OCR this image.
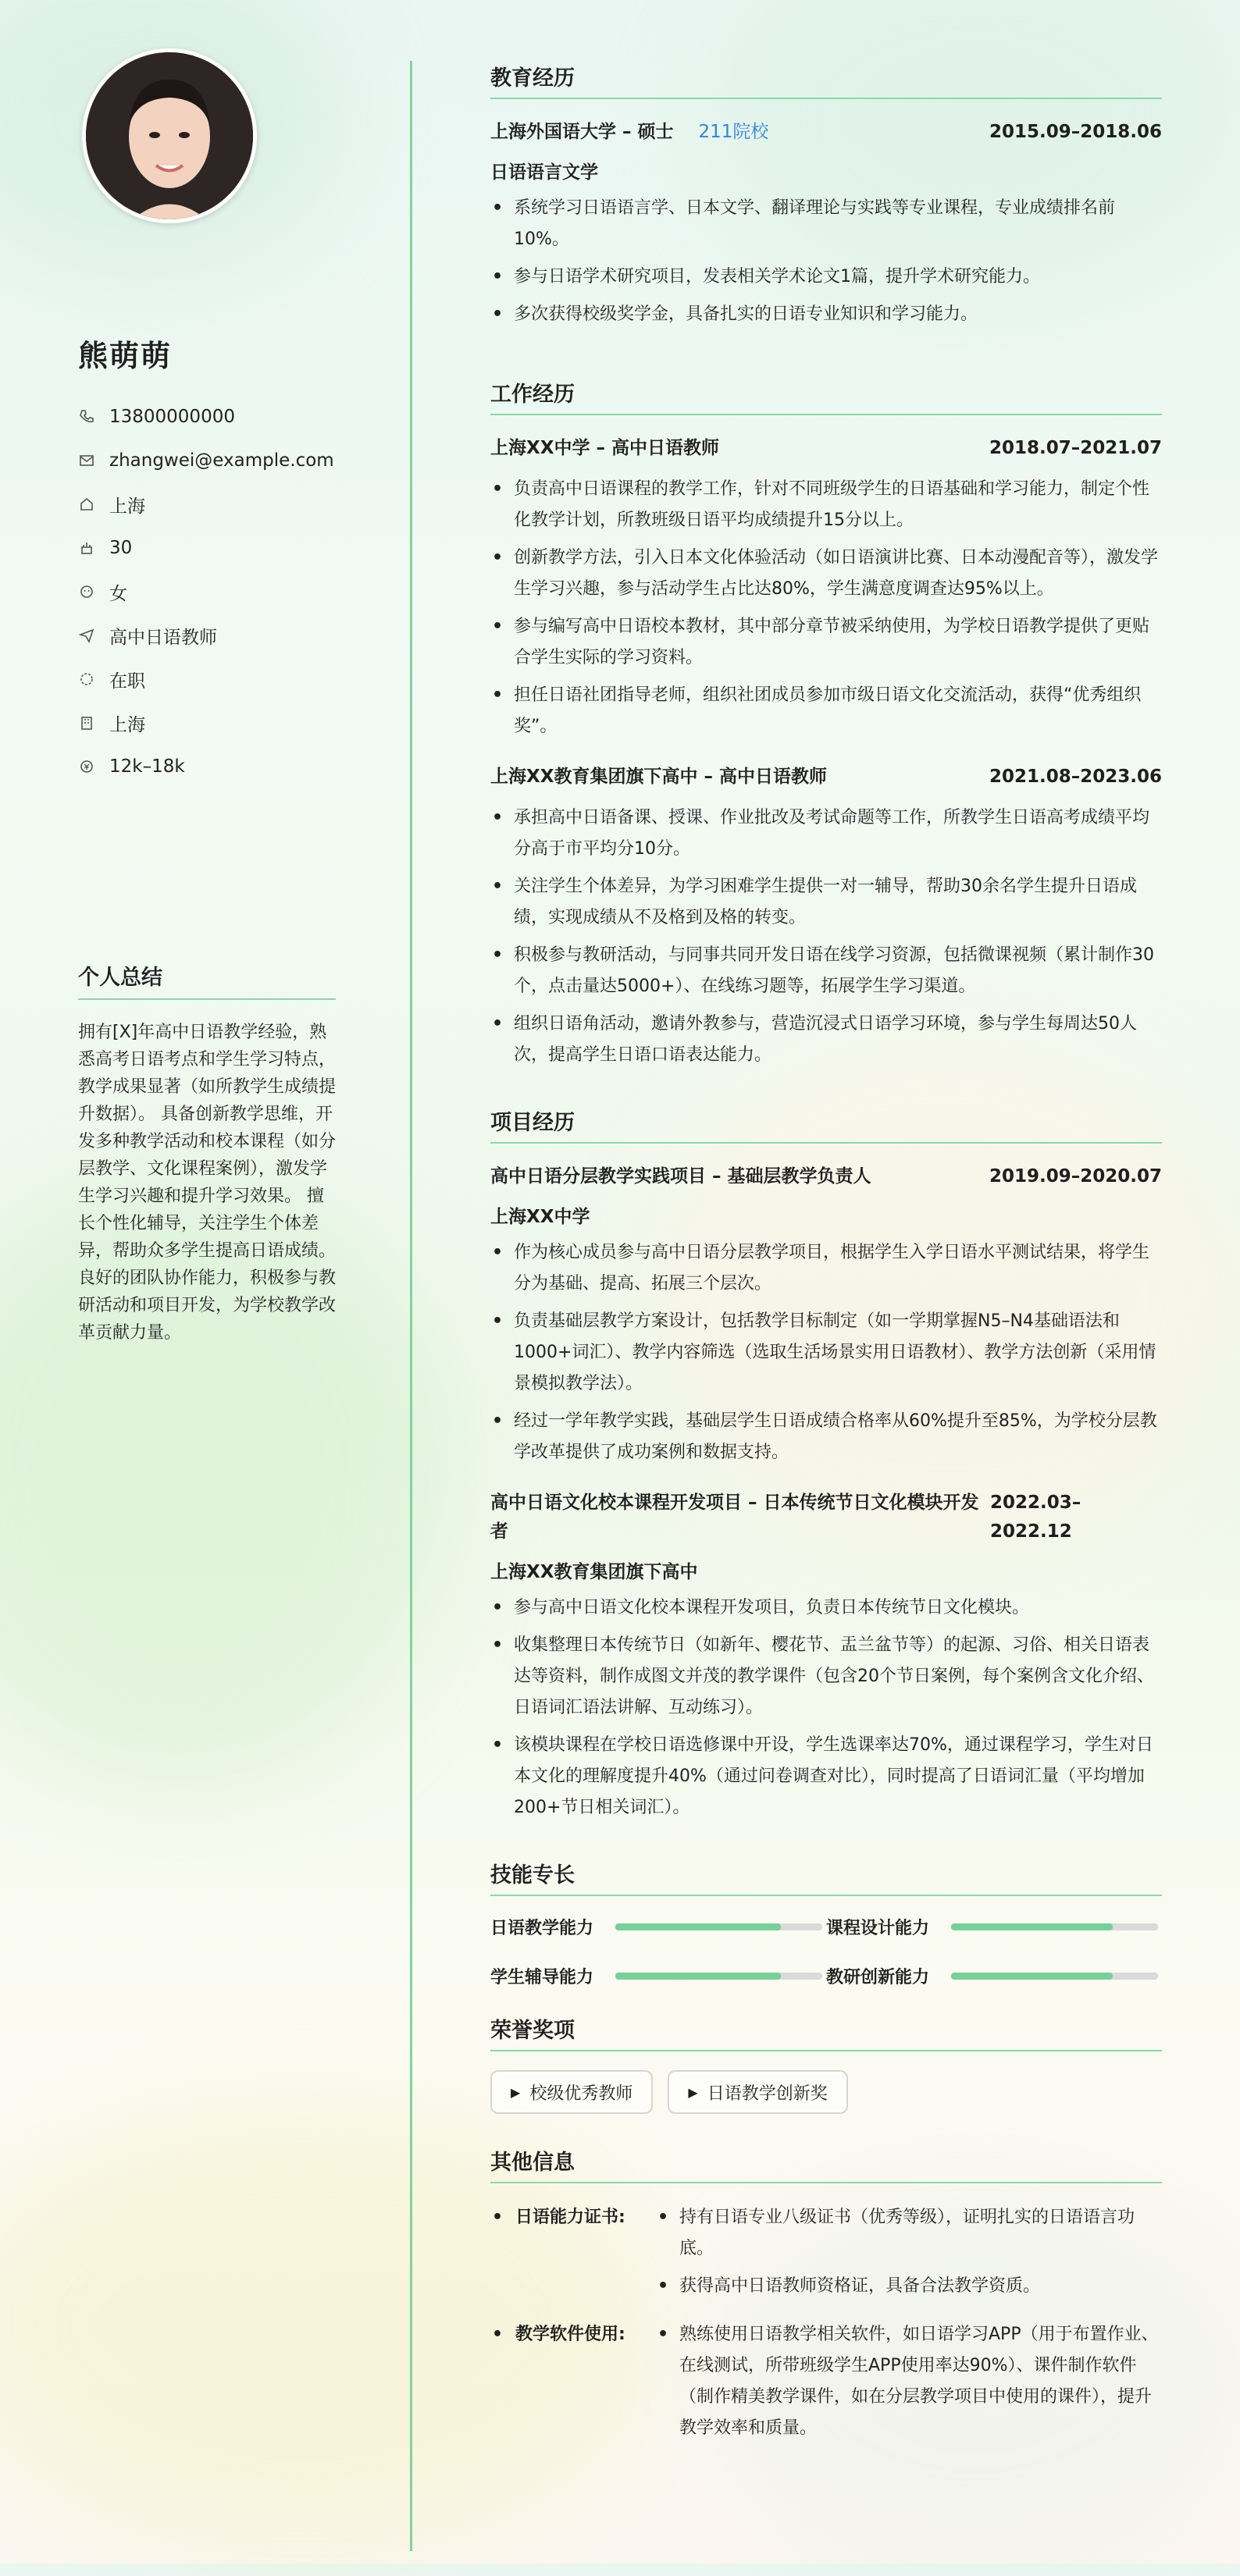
熊萌萌
13800000000
zhangwei@example.com
上海
30
女
高中日语教师
在职
上海
12k–18k
个人总结

拥有[X]年高中日语教学经验，熟悉高考日语考点和学生学习特点，教学成果显著（如所教学生成绩提升数据）。 具备创新教学思维，开发多种教学活动和校本课程（如分层教学、文化课程案例），激发学生学习兴趣和提升学习效果。 擅长个性化辅导，关注学生个体差异，帮助众多学生提高日语成绩。 良好的团队协作能力，积极参与教研活动和项目开发，为学校教学改革贡献力量。

教育经历
上海外国语大学 – 硕士 211院校	2015.09–2018.06
日语语言文学
• 系统学习日语语言学、日本文学、翻译理论与实践等专业课程，专业成绩排名前10%。
• 参与日语学术研究项目，发表相关学术论文1篇，提升学术研究能力。
• 多次获得校级奖学金，具备扎实的日语专业知识和学习能力。
工作经历
上海XX中学 – 高中日语教师	2018.07–2021.07
• 负责高中日语课程的教学工作，针对不同班级学生的日语基础和学习能力，制定个性化教学计划，所教班级日语平均成绩提升15分以上。
• 创新教学方法，引入日本文化体验活动（如日语演讲比赛、日本动漫配音等），激发学生学习兴趣，参与活动学生占比达80%，学生满意度调查达95%以上。
• 参与编写高中日语校本教材，其中部分章节被采纳使用，为学校日语教学提供了更贴合学生实际的学习资料。
• 担任日语社团指导老师，组织社团成员参加市级日语文化交流活动，获得“优秀组织奖”。
上海XX教育集团旗下高中 – 高中日语教师	2021.08–2023.06
• 承担高中日语备课、授课、作业批改及考试命题等工作，所教学生日语高考成绩平均分高于市平均分10分。
• 关注学生个体差异，为学习困难学生提供一对一辅导，帮助30余名学生提升日语成绩，实现成绩从不及格到及格的转变。
• 积极参与教研活动，与同事共同开发日语在线学习资源，包括微课视频（累计制作30个，点击量达5000+）、在线练习题等，拓展学生学习渠道。
• 组织日语角活动，邀请外教参与，营造沉浸式日语学习环境，参与学生每周达50人次，提高学生日语口语表达能力。
项目经历
高中日语分层教学实践项目 – 基础层教学负责人	2019.09–2020.07
上海XX中学
• 作为核心成员参与高中日语分层教学项目，根据学生入学日语水平测试结果，将学生分为基础、提高、拓展三个层次。
• 负责基础层教学方案设计，包括教学目标制定（如一学期掌握N5–N4基础语法和1000+词汇）、教学内容筛选（选取生活场景实用日语教材）、教学方法创新（采用情景模拟教学法）。
• 经过一学年教学实践，基础层学生日语成绩合格率从60%提升至85%，为学校分层教学改革提供了成功案例和数据支持。
高中日语文化校本课程开发项目 – 日本传统节日文化模块开发者
2022.03–2022.12
上海XX教育集团旗下高中
• 参与高中日语文化校本课程开发项目，负责日本传统节日文化模块。
• 收集整理日本传统节日（如新年、樱花节、盂兰盆节等）的起源、习俗、相关日语表达等资料，制作成图文并茂的教学课件（包含20个节日案例，每个案例含文化介绍、日语词汇语法讲解、互动练习）。
• 该模块课程在学校日语选修课中开设，学生选课率达70%，通过课程学习，学生对日本文化的理解度提升40%（通过问卷调查对比），同时提高了日语词汇量（平均增加200+节日相关词汇）。
技能专长
日语教学能力	课程设计能力
学生辅导能力	教研创新能力
荣誉奖项
▶ 校级优秀教师
	▶ 日语教学创新奖
其他信息
• 日语能力证书:	• 持有日语专业八级证书（优秀等级），证明扎实的日语语言功底。
• 获得高中日语教师资格证，具备合法教学资质。
• 教学软件使用:	• 熟练使用日语教学相关软件，如日语学习APP（用于布置作业、在线测试，所带班级学生APP使用率达90%）、课件制作软件（制作精美教学课件，如在分层教学项目中使用的课件），提升教学效率和质量。
